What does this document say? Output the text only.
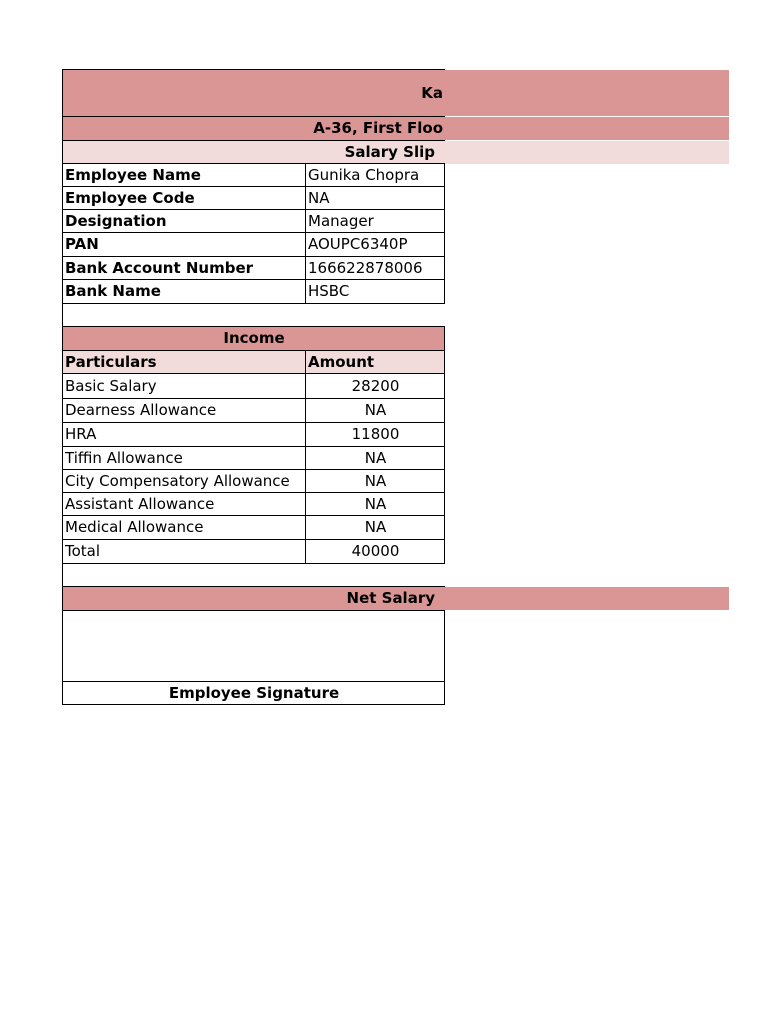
Ka
A-36, First Floo
Salary Slip
Employee Name	Gunika Chopra
Employee Code	NA
Designation	Manager
PAN	AOUPC6340P
Bank Account Number	166622878006
Bank Name	HSBC
Income
Particulars	Amount
Basic Salary	28200
Dearness Allowance	NA
HRA	11800
Tiffin Allowance	NA
City Compensatory Allowance	NA
Assistant Allowance	NA
Medical Allowance	NA
Total	40000
Net Salary
Employee Signature
